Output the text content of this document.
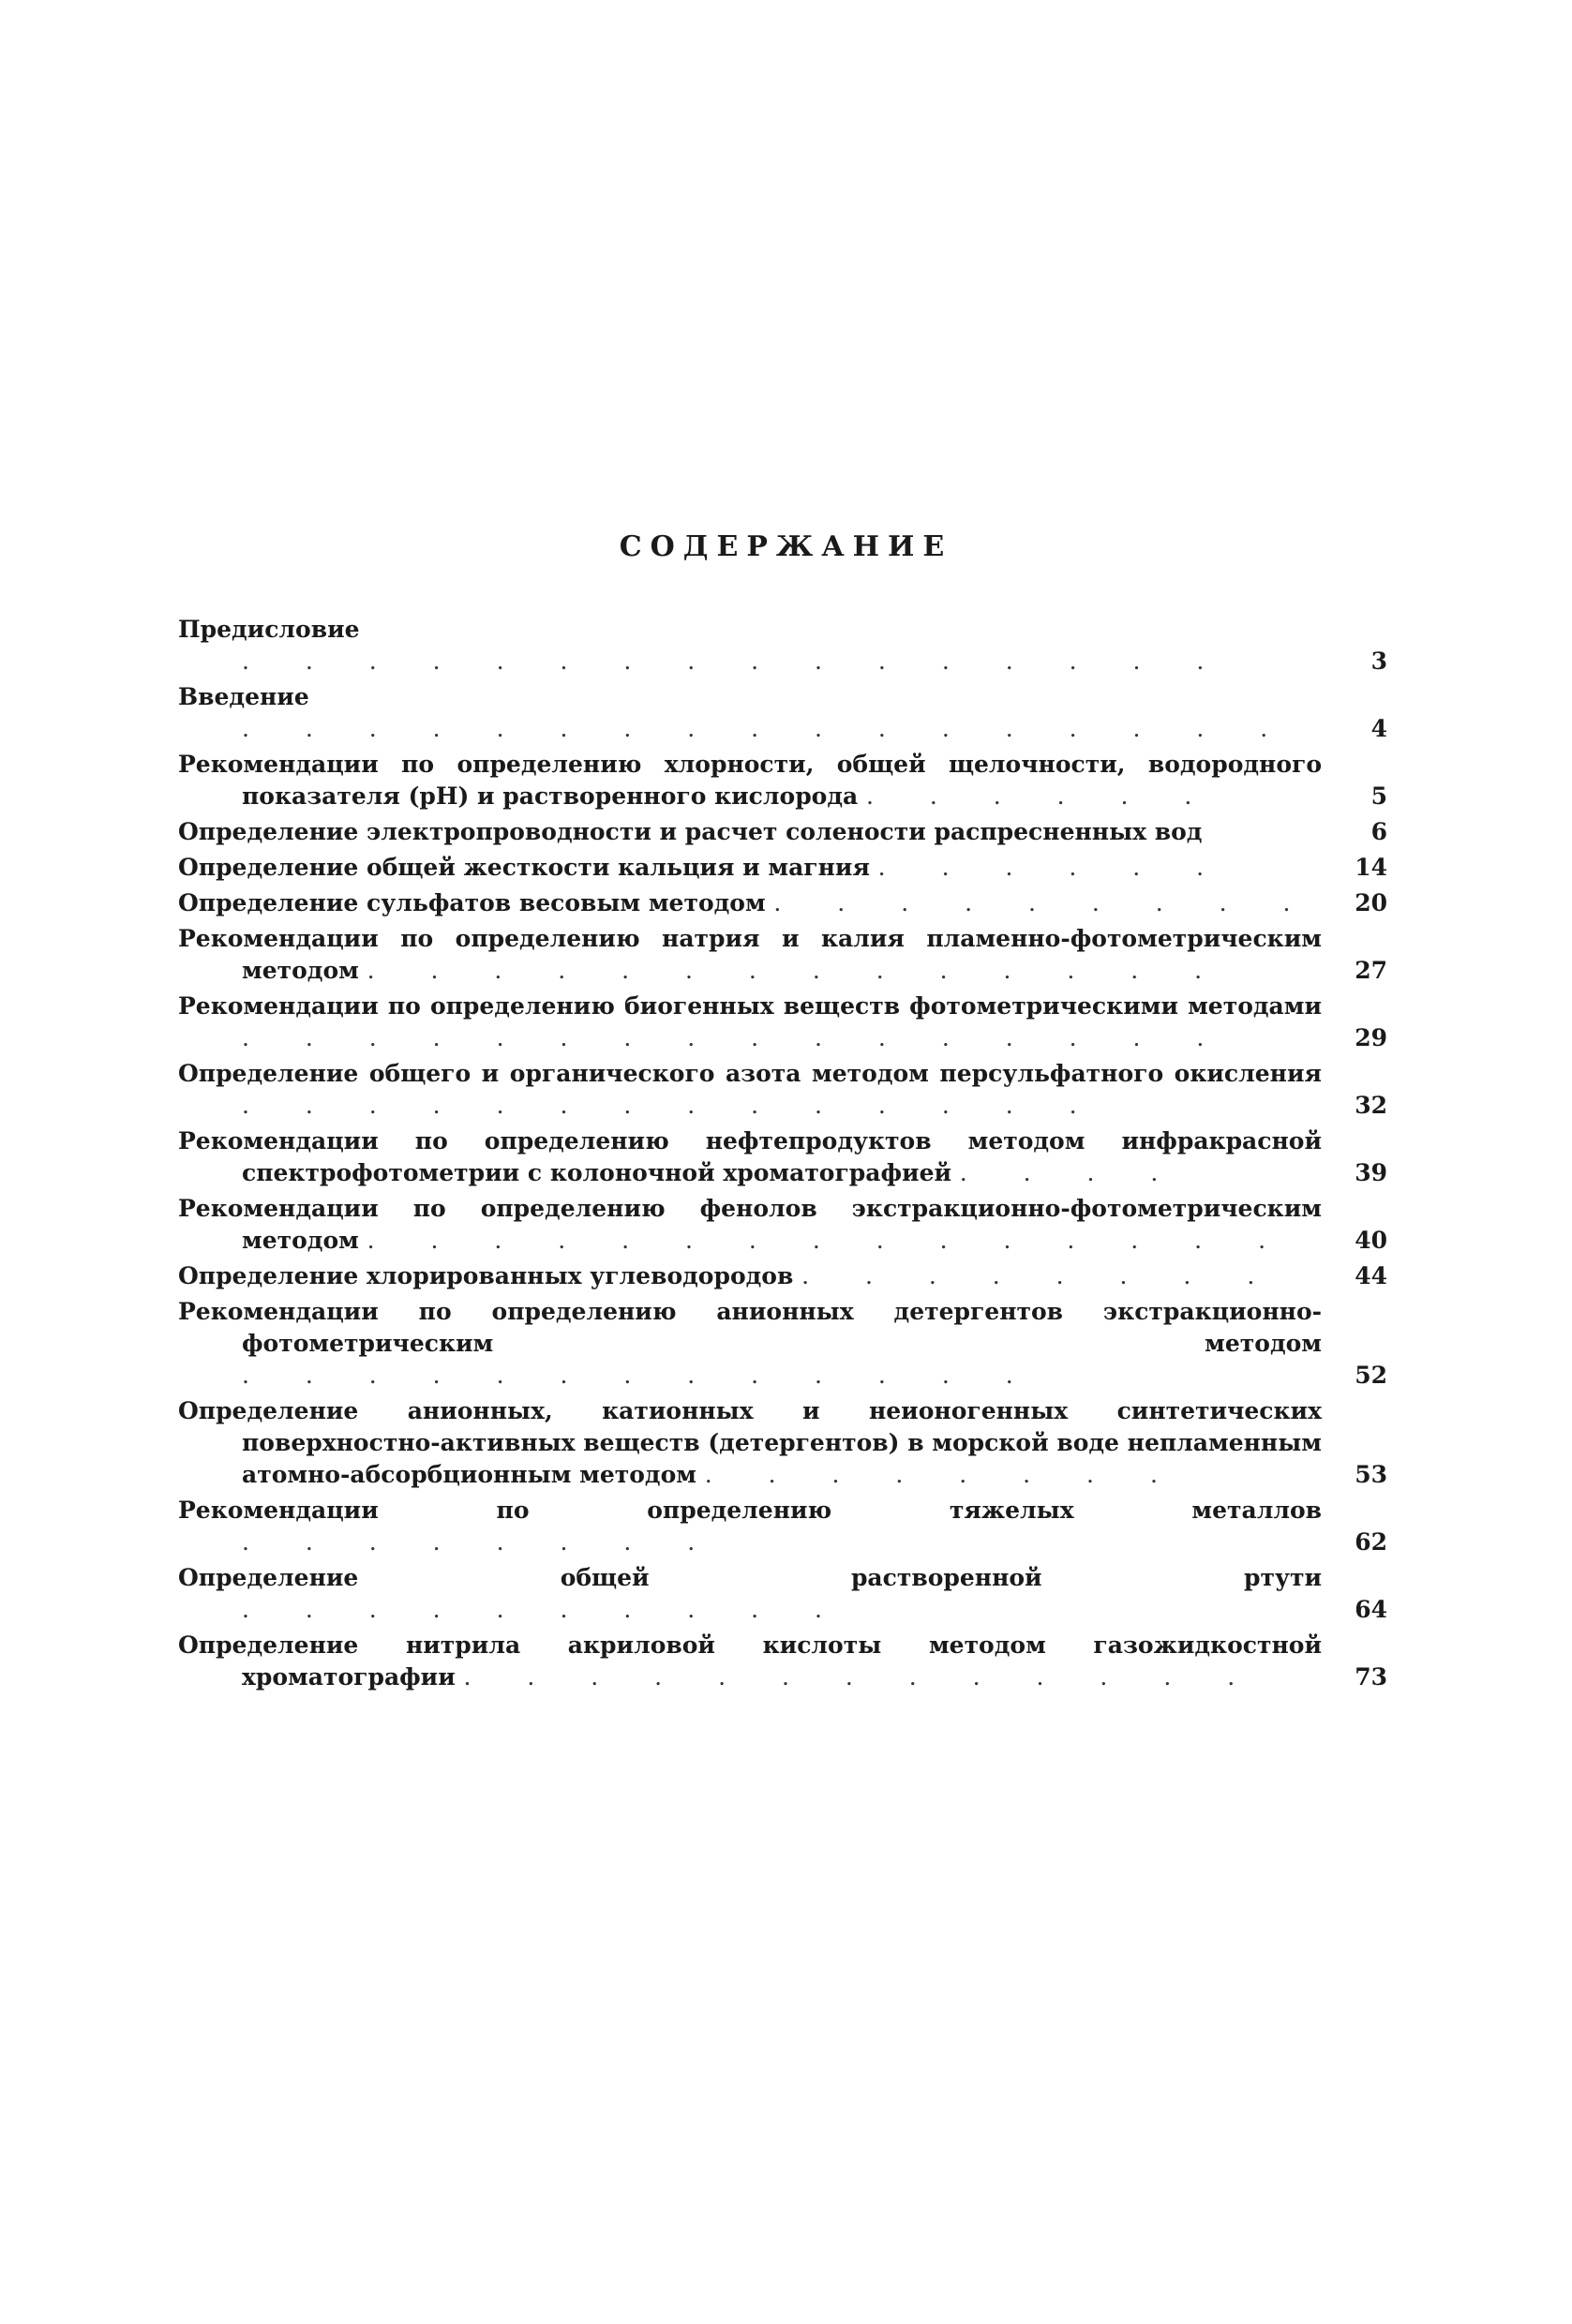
СОДЕРЖАНИЕ
Предисловие . . . . . . . . . . . . . . . .	3
Введение . . . . . . . . . . . . . . . . .	4
Рекомендации по определению хлорности, общей щелочности, водородного показателя (pH) и растворенного кислорода . . . . . .	5
Определение электропроводности и расчет солености распресненных вод	6
Определение общей жесткости кальция и магния . . . . . .	14
Определение сульфатов весовым методом . . . . . . . . .	20
Рекомендации по определению натрия и калия пламенно-фотометрическим методом . . . . . . . . . . . . . .	27
Рекомендации по определению биогенных веществ фотометрическими методами . . . . . . . . . . . . . . . .	29
Определение общего и органического азота методом персульфатного окисления . . . . . . . . . . . . . .	32
Рекомендации по определению нефтепродуктов методом инфракрасной спектрофотометрии с колоночной хроматографией . . . .	39
Рекомендации по определению фенолов экстракционно-фотометрическим методом . . . . . . . . . . . . . . .	40
Определение хлорированных углеводородов . . . . . . . .	44
Рекомендации по определению анионных детергентов экстракционно-фотометрическим методом . . . . . . . . . . . . .	52
Определение анионных, катионных и неионогенных синтетических поверхностно-активных веществ (детергентов) в морской воде непламенным атомно-абсорбционным методом . . . . . . . .	53
Рекомендации по определению тяжелых металлов . . . . . . . .	62
Определение общей растворенной ртути . . . . . . . . . .	64
Определение нитрила акриловой кислоты методом газожидкостной хроматографии . . . . . . . . . . . . .	73
